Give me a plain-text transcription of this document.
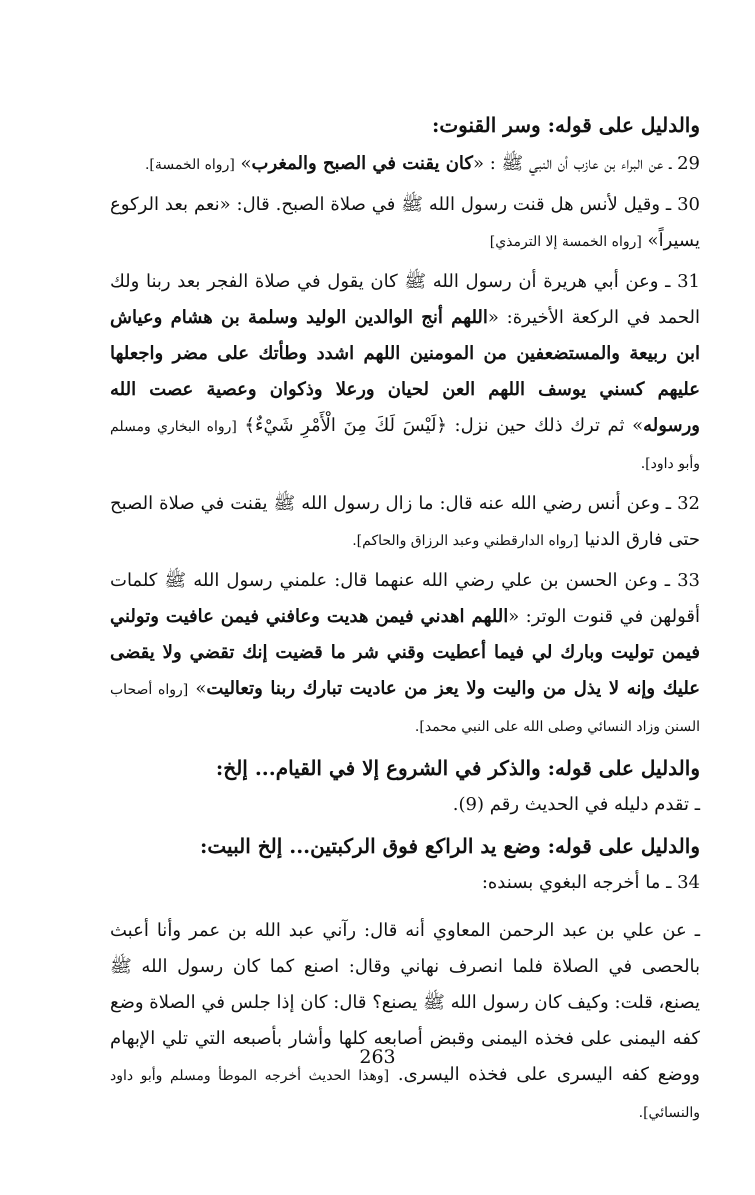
والدليل على قوله: وسر القنوت:

29 ـ عن البراء بن عازب أن النبي ﷺ : «كان يقنت في الصبح والمغرب» [رواه الخمسة].

30 ـ وقيل لأنس هل قنت رسول الله ﷺ في صلاة الصبح. قال: «نعم بعد الركوع يسيراً» [رواه الخمسة إلا الترمذي]

31 ـ وعن أبي هريرة أن رسول الله ﷺ كان يقول في صلاة الفجر بعد ربنا ولك الحمد في الركعة الأخيرة: «اللهم أنج الوالدين الوليد وسلمة بن هشام وعياش ابن ربيعة والمستضعفين من المومنين اللهم اشدد وطأتك على مضر واجعلها عليهم كسني يوسف اللهم العن لحيان ورعلا وذكوان وعصية عصت الله ورسوله» ثم ترك ذلك حين نزل: ﴿لَيْسَ لَكَ مِنَ الْأَمْرِ شَيْءٌ﴾ [رواه البخاري ومسلم وأبو داود].

32 ـ وعن أنس رضي الله عنه قال: ما زال رسول الله ﷺ يقنت في صلاة الصبح حتى فارق الدنيا [رواه الدارقطني وعبد الرزاق والحاكم].

33 ـ وعن الحسن بن علي رضي الله عنهما قال: علمني رسول الله ﷺ كلمات أقولهن في قنوت الوتر: «اللهم اهدني فيمن هديت وعافني فيمن عافيت وتولني فيمن توليت وبارك لي فيما أعطيت وقني شر ما قضيت إنك تقضي ولا يقضى عليك وإنه لا يذل من واليت ولا يعز من عاديت تبارك ربنا وتعاليت» [رواه أصحاب السنن وزاد النسائي وصلى الله على النبي محمد].

والدليل على قوله: والذكر في الشروع إلا في القيام... إلخ:

ـ تقدم دليله في الحديث رقم (9).

والدليل على قوله: وضع يد الراكع فوق الركبتين... إلخ البيت:

34 ـ ما أخرجه البغوي بسنده:

ـ عن علي بن عبد الرحمن المعاوي أنه قال: رآني عبد الله بن عمر وأنا أعبث بالحصى في الصلاة فلما انصرف نهاني وقال: اصنع كما كان رسول الله ﷺ يصنع، قلت: وكيف كان رسول الله ﷺ يصنع؟ قال: كان إذا جلس في الصلاة وضع كفه اليمنى على فخذه اليمنى وقبض أصابعه كلها وأشار بأصبعه التي تلي الإبهام ووضع كفه اليسرى على فخذه اليسرى. [وهذا الحديث أخرجه الموطأ ومسلم وأبو داود والنسائي].

263
